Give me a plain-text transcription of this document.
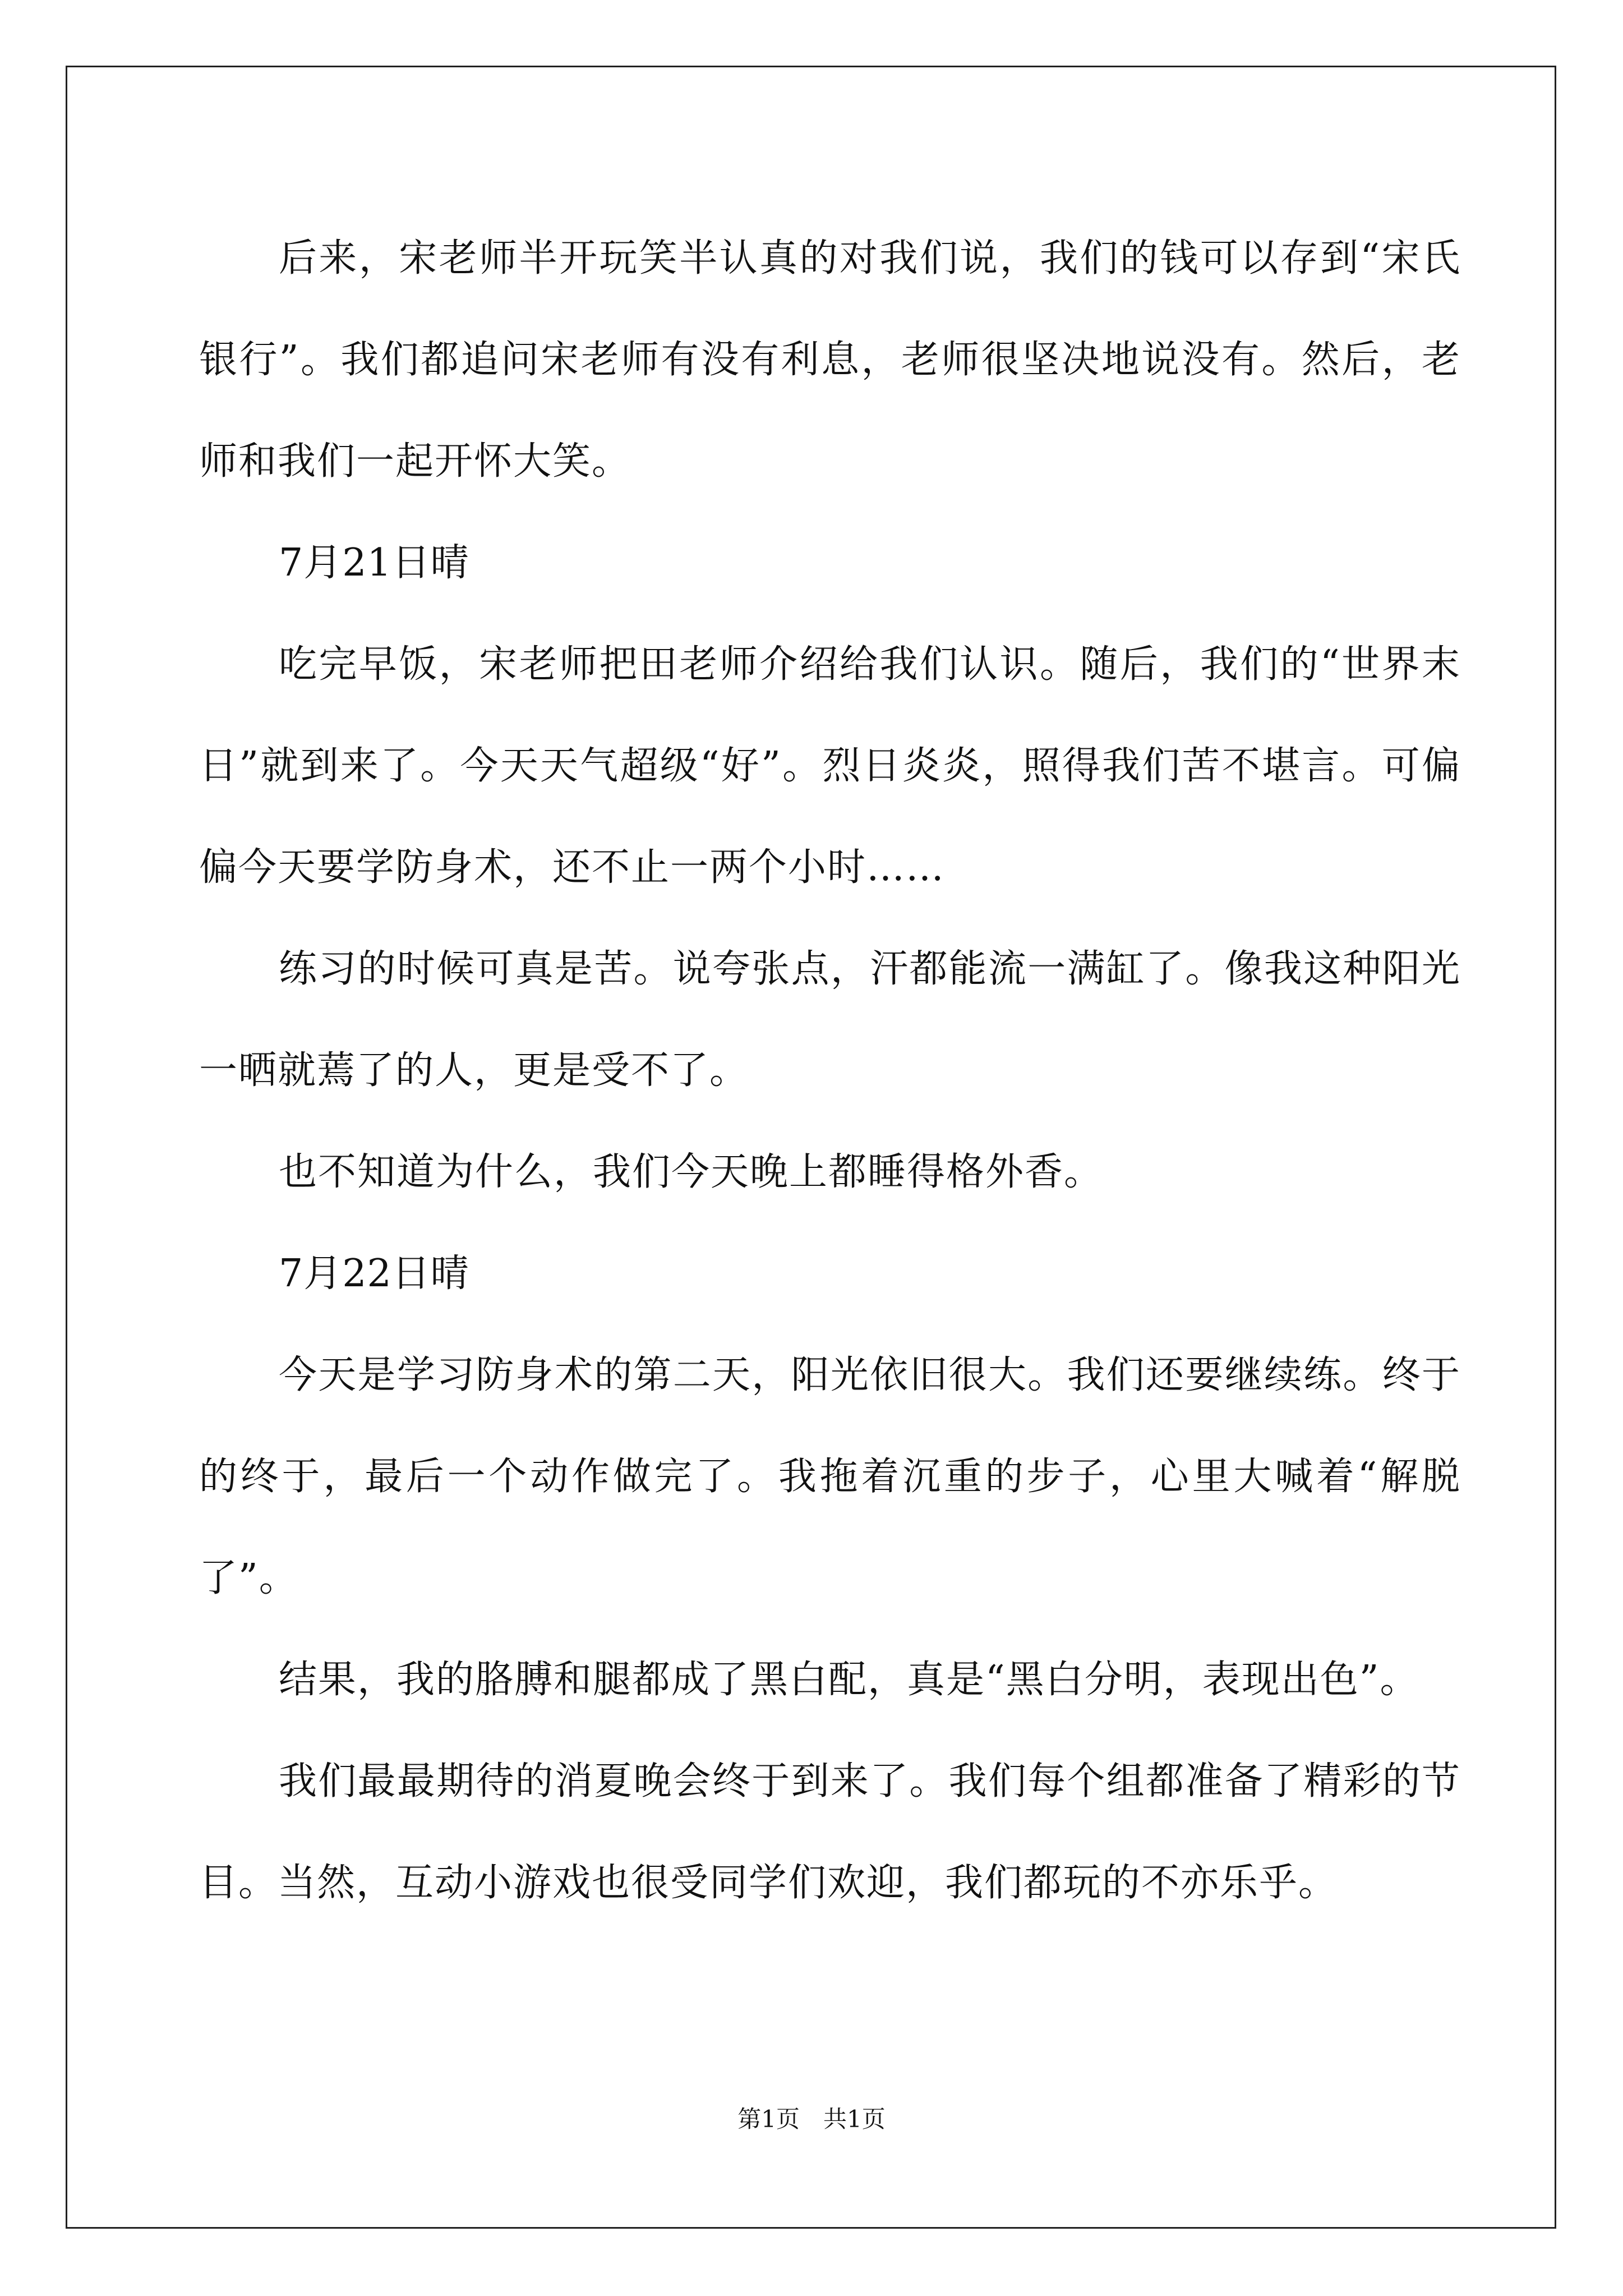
后来，宋老师半开玩笑半认真的对我们说，我们的钱可以存到“宋氏银行”。我们都追问宋老师有没有利息，老师很坚决地说没有。然后，老师和我们一起开怀大笑。

7月21日晴

吃完早饭，宋老师把田老师介绍给我们认识。随后，我们的“世界末日”就到来了。今天天气超级“好”。烈日炎炎，照得我们苦不堪言。可偏偏今天要学防身术，还不止一两个小时……

练习的时候可真是苦。说夸张点，汗都能流一满缸了。像我这种阳光一晒就蔫了的人，更是受不了。

也不知道为什么，我们今天晚上都睡得格外香。

7月22日晴

今天是学习防身术的第二天，阳光依旧很大。我们还要继续练。终于的终于，最后一个动作做完了。我拖着沉重的步子，心里大喊着“解脱了”。

结果，我的胳膊和腿都成了黑白配，真是“黑白分明，表现出色”。

我们最最期待的消夏晚会终于到来了。我们每个组都准备了精彩的节目。当然，互动小游戏也很受同学们欢迎，我们都玩的不亦乐乎。

第1页　共1页
